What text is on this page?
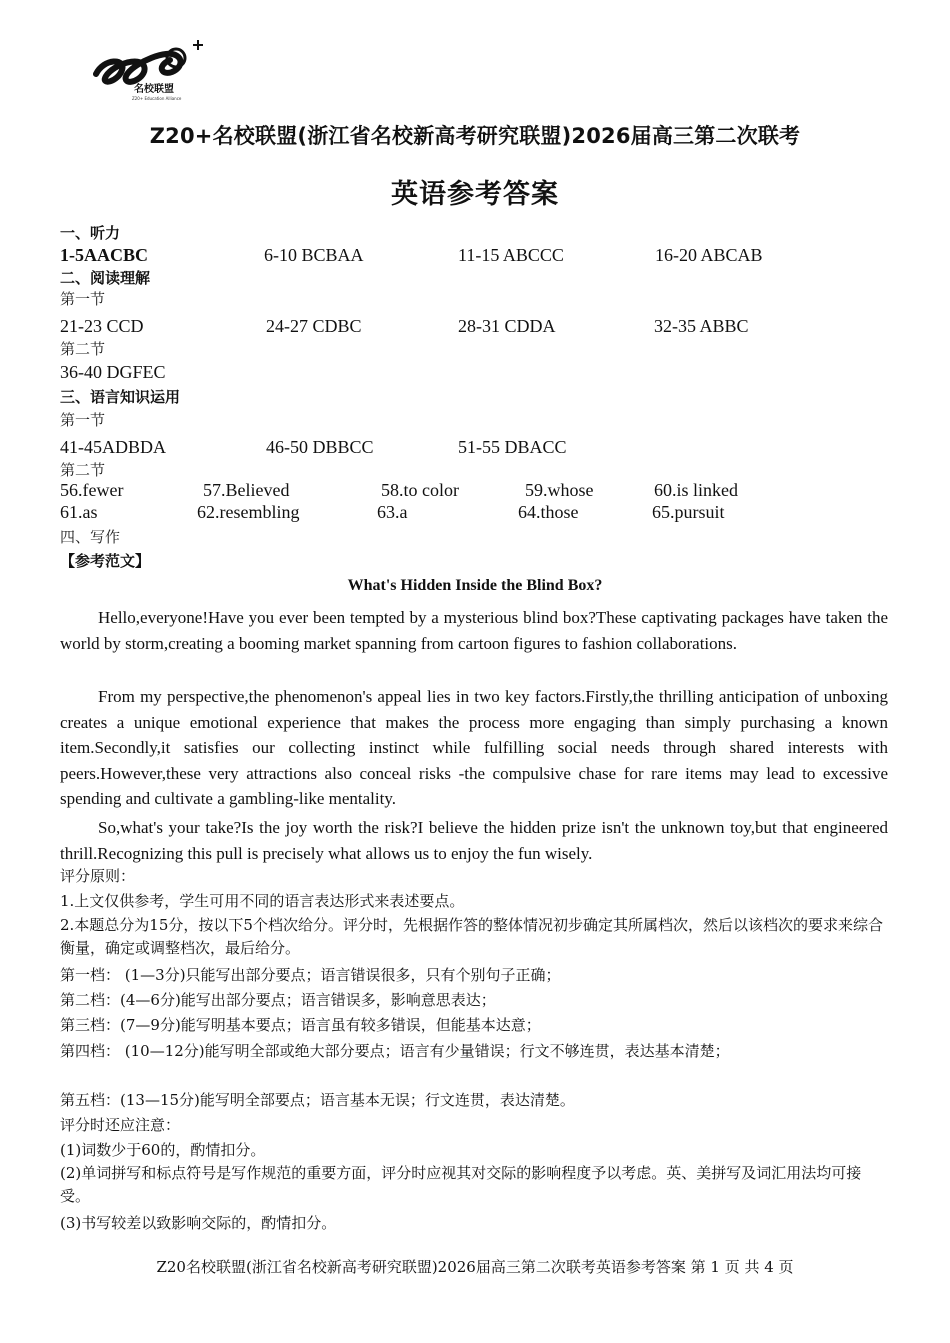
名校联盟
Z20+ Education Alliance
Z20+名校联盟(浙江省名校新高考研究联盟)2026届高三第二次联考
英语参考答案
一、听力
1-5AACBC	6-10 BCBAA	11-15 ABCCC	16-20 ABCAB
二、阅读理解
第一节
21-23 CCD	24-27 CDBC	28-31 CDDA	32-35 ABBC
第二节
36-40 DGFEC
三、语言知识运用
第一节
41-45ADBDA	46-50 DBBCC	51-55 DBACC
第二节
56.fewer	57.Believed	58.to color	59.whose	60.is linked
61.as	62.resembling	63.a	64.those	65.pursuit
四、写作
【参考范文】
What's Hidden Inside the Blind Box?
Hello,everyone!Have you ever been tempted by a mysterious blind box?These captivating packages have taken the world by storm,creating a booming market spanning from cartoon figures to fashion collaborations.
From my perspective,the phenomenon's appeal lies in two key factors.Firstly,the thrilling anticipation of unboxing creates a unique emotional experience that makes the process more engaging than simply purchasing a known item.Secondly,it satisfies our collecting instinct while fulfilling social needs through shared interests with peers.However,these very attractions also conceal risks -the compulsive chase for rare items may lead to excessive spending and cultivate a gambling-like mentality.
So,what's your take?Is the joy worth the risk?I believe the hidden prize isn't the unknown toy,but that engineered thrill.Recognizing this pull is precisely what allows us to enjoy the fun wisely.
评分原则：
1.上文仅供参考，学生可用不同的语言表达形式来表述要点。
2.本题总分为15分，按以下5个档次给分。评分时，先根据作答的整体情况初步确定其所属档次，然后以该档次的要求来综合衡量，确定或调整档次，最后给分。
第一档： (1—3分)只能写出部分要点；语言错误很多，只有个别句子正确；
第二档：(4—6分)能写出部分要点；语言错误多，影响意思表达；
第三档：(7—9分)能写明基本要点；语言虽有较多错误，但能基本达意；
第四档： (10—12分)能写明全部或绝大部分要点；语言有少量错误；行文不够连贯，表达基本清楚；
第五档：(13—15分)能写明全部要点；语言基本无误；行文连贯，表达清楚。
评分时还应注意：
(1)词数少于60的，酌情扣分。
(2)单词拼写和标点符号是写作规范的重要方面，评分时应视其对交际的影响程度予以考虑。英、美拼写及词汇用法均可接受。
(3)书写较差以致影响交际的，酌情扣分。
Z20名校联盟(浙江省名校新高考研究联盟)2026届高三第二次联考英语参考答案 第 1 页 共 4 页
